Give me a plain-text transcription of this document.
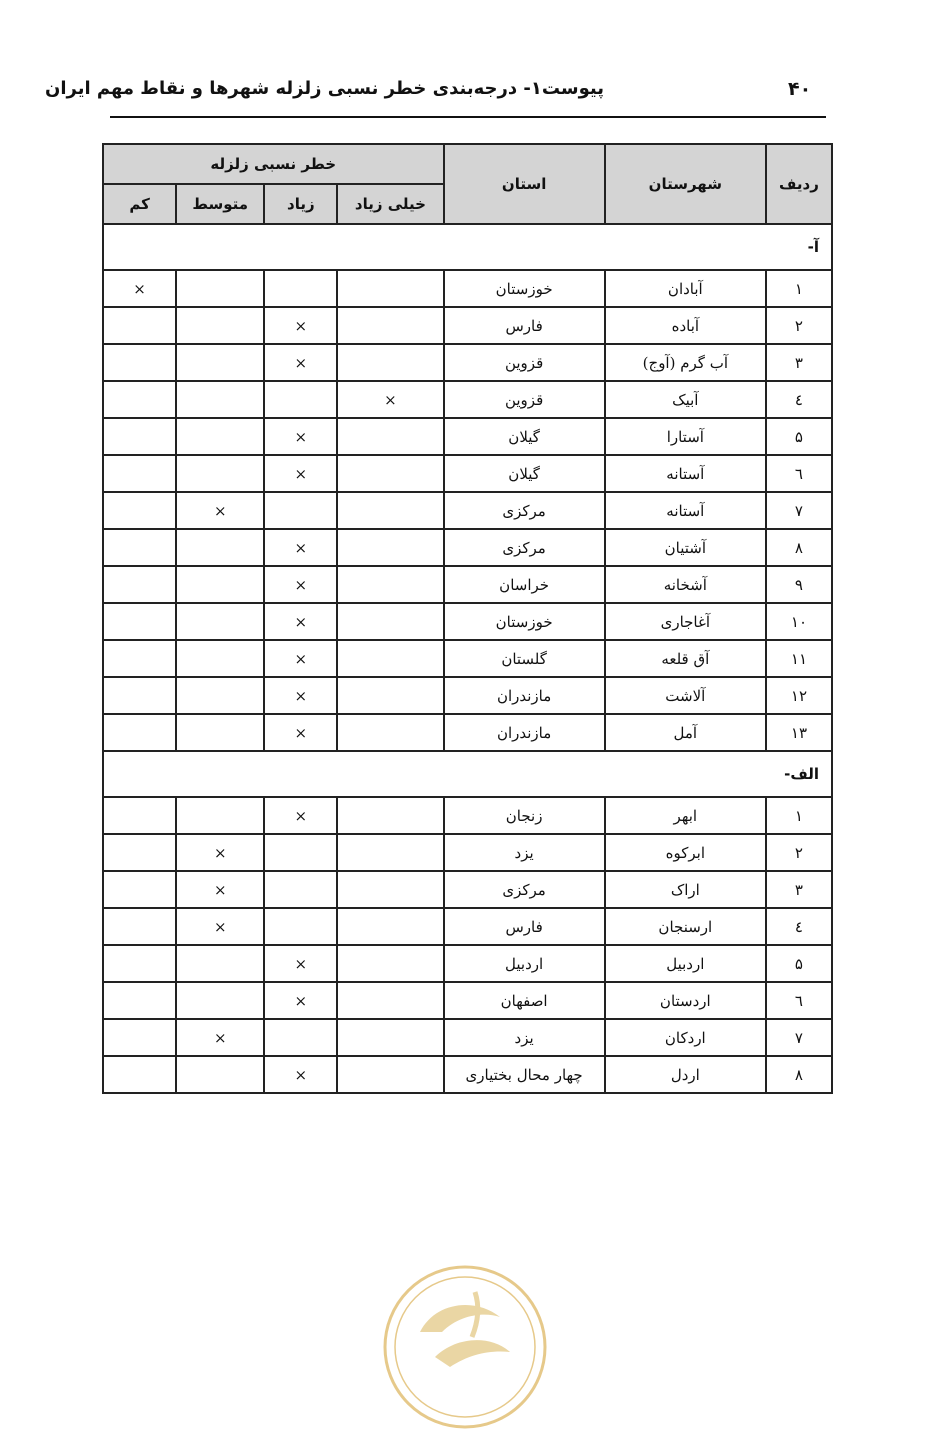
پیوست۱- درجه‌بندی خطر نسبی زلزله شهرها و نقاط مهم ایران	۴۰
ردیف	شهرستان	استان	خطر نسبی زلزله			
			خیلی زیاد	زیاد	متوسط	کم
آ-						
۱	آبادان	خوزستان				×
۲	آباده	فارس		×		
۳	آب گرم (آوج)	قزوین		×		
٤	آبیک	قزوین	×			
۵	آستارا	گیلان		×		
٦	آستانه	گیلان		×		
۷	آستانه	مرکزی			×	
۸	آشتیان	مرکزی		×		
۹	آشخانه	خراسان		×		
۱۰	آغاجاری	خوزستان		×		
۱۱	آق قلعه	گلستان		×		
۱۲	آلاشت	مازندران		×		
۱۳	آمل	مازندران		×		
الف-						
۱	ابهر	زنجان		×		
۲	ابرکوه	یزد			×	
۳	اراک	مرکزی			×	
٤	ارسنجان	فارس			×	
۵	اردبیل	اردبیل		×		
٦	اردستان	اصفهان		×		
۷	اردکان	یزد			×	
۸	اردل	چهار محال بختیاری		×		
